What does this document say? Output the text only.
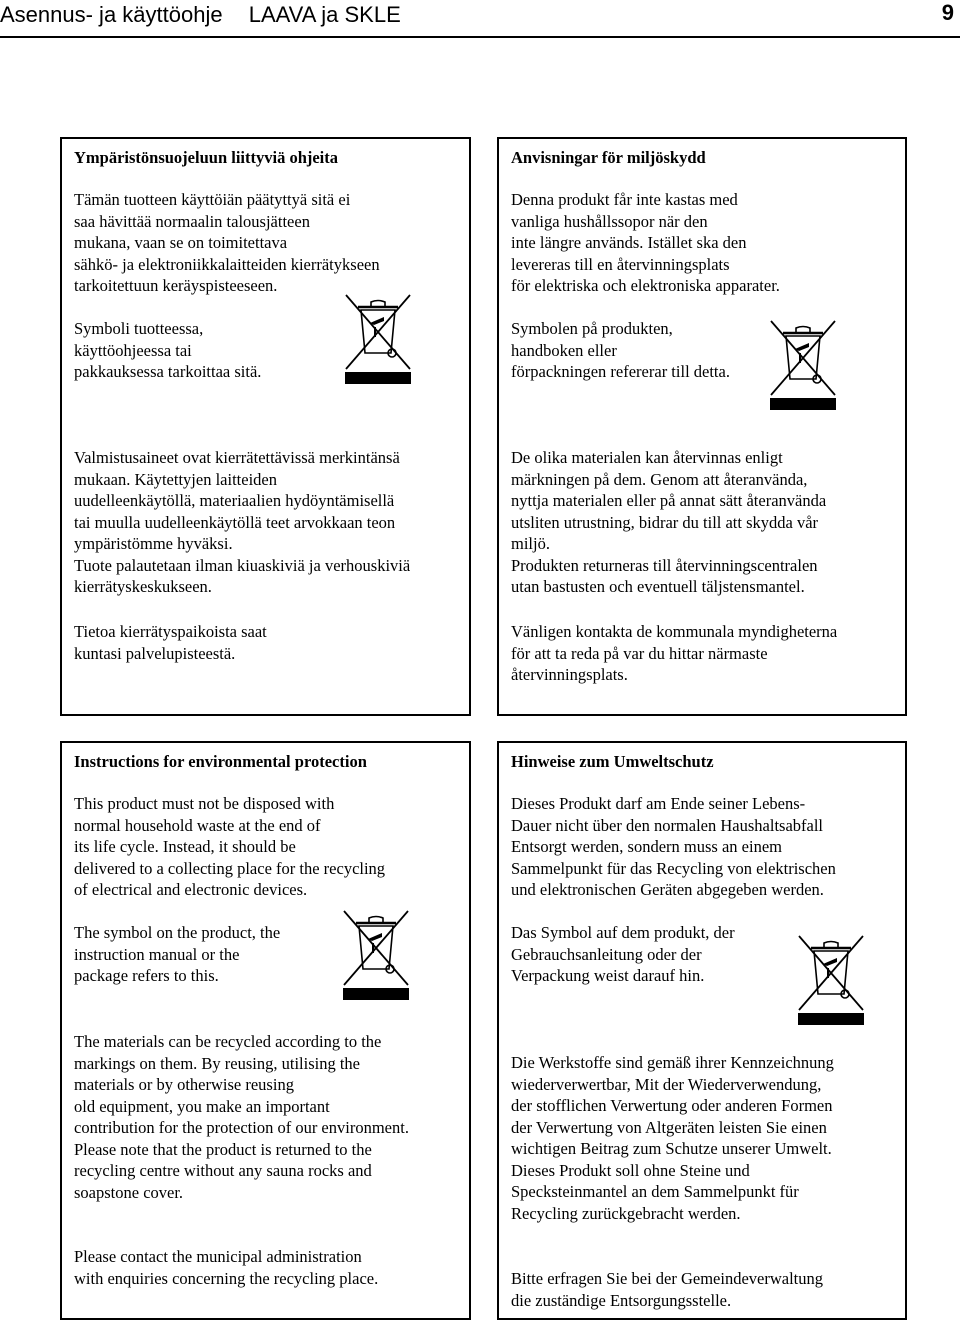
Asennus- ja käyttöohje LAAVA ja SKLE	9
Ympäristönsuojeluun liittyviä ohjeita
Tämän tuotteen käyttöiän päätyttyä sitä ei
saa hävittää normaalin talousjätteen
mukana, vaan se on toimitettava
sähkö- ja elektroniikkalaitteiden kierrätykseen
tarkoitettuun keräyspisteeseen.
Symboli tuotteessa,
käyttöohjeessa tai
pakkauksessa tarkoittaa sitä.
Valmistusaineet ovat kierrätettävissä merkintänsä
mukaan. Käytettyjen laitteiden
uudelleenkäytöllä, materiaalien hydöyntämisellä
tai muulla uudelleenkäytöllä teet arvokkaan teon
ympäristömme hyväksi.
Tuote palautetaan ilman kiuaskiviä ja verhouskiviä
kierrätyskeskukseen.
Tietoa kierrätyspaikoista saat
kuntasi palvelupisteestä.
Anvisningar för miljöskydd
Denna produkt får inte kastas med
vanliga hushållssopor när den
inte längre används. Istället ska den
levereras till en återvinningsplats
för elektriska och elektroniska apparater.
Symbolen på produkten,
handboken eller
förpackningen refererar till detta.
De olika materialen kan återvinnas enligt
märkningen på dem. Genom att återanvända,
nyttja materialen eller på annat sätt återanvända
utsliten utrustning, bidrar du till att skydda vår
miljö.
Produkten returneras till återvinningscentralen
utan bastusten och eventuell täljstensmantel.
Vänligen kontakta de kommunala myndigheterna
för att ta reda på var du hittar närmaste
återvinningsplats.
Instructions for environmental protection
This product must not be disposed with
normal household waste at the end of
its life cycle. Instead, it should be
delivered to a collecting place for the recycling
of electrical and electronic devices.
The symbol on the product, the
instruction manual or the
package refers to this.
The materials can be recycled according to the
markings on them. By reusing, utilising the
materials or by otherwise reusing
old equipment, you make an important
contribution for the protection of our environment.
Please note that the product is returned to the
recycling centre without any sauna rocks and
soapstone cover.
Please contact the municipal administration
with enquiries concerning the recycling place.
Hinweise zum Umweltschutz
Dieses Produkt darf am Ende seiner Lebens-
Dauer nicht über den normalen Haushaltsabfall
Entsorgt werden, sondern muss an einem
Sammelpunkt für das Recycling von elektrischen
und elektronischen Geräten abgegeben werden.
Das Symbol auf dem produkt, der
Gebrauchsanleitung oder der
Verpackung weist darauf hin.
Die Werkstoffe sind gemäß ihrer Kennzeichnung
wiederverwertbar, Mit der Wiederverwendung,
der stofflichen Verwertung oder anderen Formen
der Verwertung von Altgeräten leisten Sie einen
wichtigen Beitrag zum Schutze unserer Umwelt.
Dieses Produkt soll ohne Steine und
Specksteinmantel an dem Sammelpunkt für
Recycling zurückgebracht werden.
Bitte erfragen Sie bei der Gemeindeverwaltung
die zuständige Entsorgungsstelle.
